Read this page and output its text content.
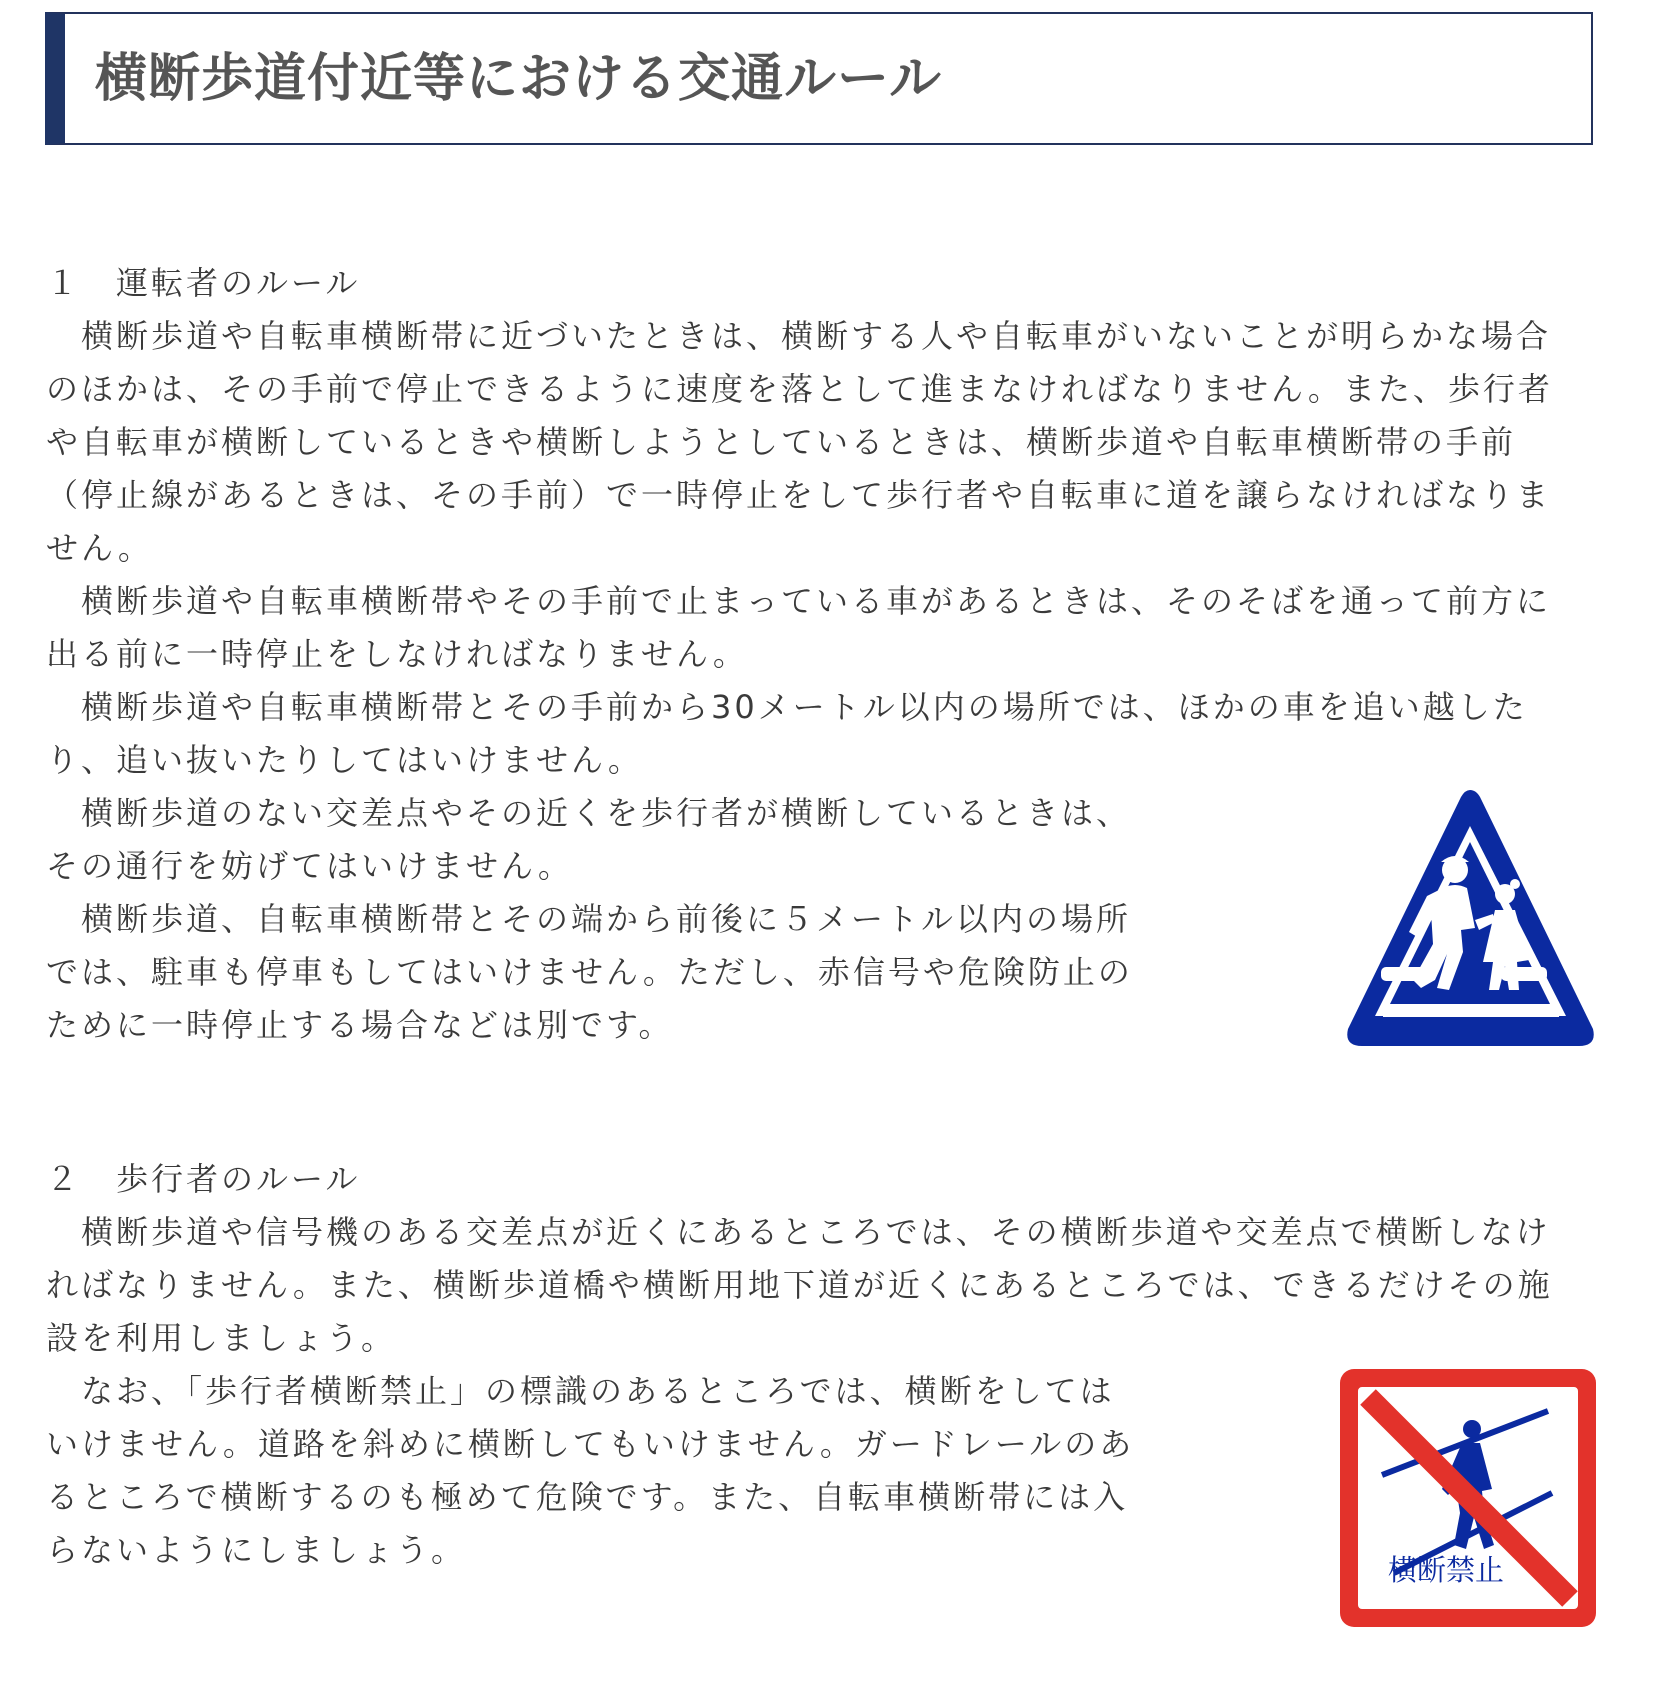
横断歩道付近等における交通ルール

１　運転者のルール

　横断歩道や自転車横断帯に近づいたときは、横断する人や自転車がいないことが明らかな場合のほかは、その手前で停止できるように速度を落として進まなければなりません。また、歩行者や自転車が横断しているときや横断しようとしているときは、横断歩道や自転車横断帯の手前（停止線があるときは、その手前）で一時停止をして歩行者や自転車に道を譲らなければなりません。

　横断歩道や自転車横断帯やその手前で止まっている車があるときは、そのそばを通って前方に出る前に一時停止をしなければなりません。

　横断歩道や自転車横断帯とその手前から30メートル以内の場所では、ほかの車を追い越したり、追い抜いたりしてはいけません。

　横断歩道のない交差点やその近くを歩行者が横断しているときは、その通行を妨げてはいけません。

　横断歩道、自転車横断帯とその端から前後に５メートル以内の場所では、駐車も停車もしてはいけません。ただし、赤信号や危険防止のために一時停止する場合などは別です。

２　歩行者のルール

　横断歩道や信号機のある交差点が近くにあるところでは、その横断歩道や交差点で横断しなければなりません。また、横断歩道橋や横断用地下道が近くにあるところでは、できるだけその施設を利用しましょう。

　なお、「歩行者横断禁止」の標識のあるところでは、横断をしてはいけません。道路を斜めに横断してもいけません。ガードレールのあるところで横断するのも極めて危険です。また、自転車横断帯には入らないようにしましょう。

横断禁止
